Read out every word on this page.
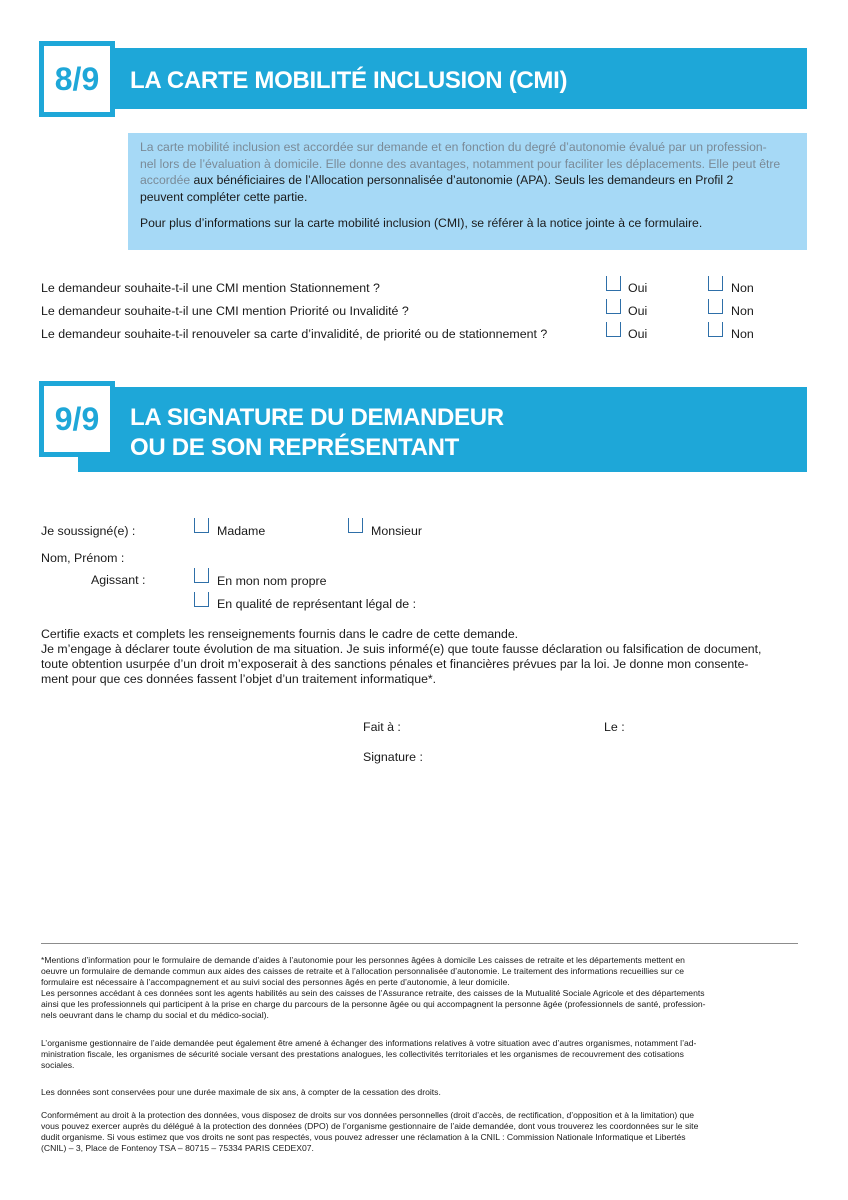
8/9	LA CARTE MOBILITÉ INCLUSION (CMI)
La carte mobilité inclusion est accordée sur demande et en fonction du degré d’autonomie évalué par un profession-
nel lors de l’évaluation à domicile. Elle donne des avantages, notamment pour faciliter les déplacements. Elle peut être
accordée aux bénéficiaires de l’Allocation personnalisée d’autonomie (APA). Seuls les demandeurs en Profil 2
peuvent compléter cette partie.
Pour plus d’informations sur la carte mobilité inclusion (CMI), se référer à la notice jointe à ce formulaire.
Le demandeur souhaite-t-il une CMI mention Stationnement ?	Oui	Non
Le demandeur souhaite-t-il une CMI mention Priorité ou Invalidité ?	Oui	Non
Le demandeur souhaite-t-il renouveler sa carte d’invalidité, de priorité ou de stationnement ?	Oui	Non
9/9	LA SIGNATURE DU DEMANDEUR
OU DE SON REPRÉSENTANT
Je soussigné(e) :	Madame	Monsieur
Nom, Prénom :
Agissant :	En mon nom propre
En qualité de représentant légal de :
Certifie exacts et complets les renseignements fournis dans le cadre de cette demande.
Je m’engage à déclarer toute évolution de ma situation. Je suis informé(e) que toute fausse déclaration ou falsification de document,
toute obtention usurpée d’un droit m’exposerait à des sanctions pénales et financières prévues par la loi. Je donne mon consente-
ment pour que ces données fassent l’objet d’un traitement informatique*.
Fait à :	Le :
Signature :
*Mentions d’information pour le formulaire de demande d’aides à l’autonomie pour les personnes âgées à domicile Les caisses de retraite et les départements mettent en
oeuvre un formulaire de demande commun aux aides des caisses de retraite et à l’allocation personnalisée d’autonomie. Le traitement des informations recueillies sur ce
formulaire est nécessaire à l’accompagnement et au suivi social des personnes âgés en perte d’autonomie, à leur domicile.
Les personnes accédant à ces données sont les agents habilités au sein des caisses de l’Assurance retraite, des caisses de la Mutualité Sociale Agricole et des départements
ainsi que les professionnels qui participent à la prise en charge du parcours de la personne âgée ou qui accompagnent la personne âgée (professionnels de santé, profession-
nels oeuvrant dans le champ du social et du médico-social).
L’organisme gestionnaire de l’aide demandée peut également être amené à échanger des informations relatives à votre situation avec d’autres organismes, notamment l’ad-
ministration fiscale, les organismes de sécurité sociale versant des prestations analogues, les collectivités territoriales et les organismes de recouvrement des cotisations
sociales.
Les données sont conservées pour une durée maximale de six ans, à compter de la cessation des droits.
Conformément au droit à la protection des données, vous disposez de droits sur vos données personnelles (droit d’accès, de rectification, d’opposition et à la limitation) que
vous pouvez exercer auprès du délégué à la protection des données (DPO) de l’organisme gestionnaire de l’aide demandée, dont vous trouverez les coordonnées sur le site
dudit organisme. Si vous estimez que vos droits ne sont pas respectés, vous pouvez adresser une réclamation à la CNIL : Commission Nationale Informatique et Libertés
(CNIL) – 3, Place de Fontenoy TSA – 80715 – 75334 PARIS CEDEX07.
